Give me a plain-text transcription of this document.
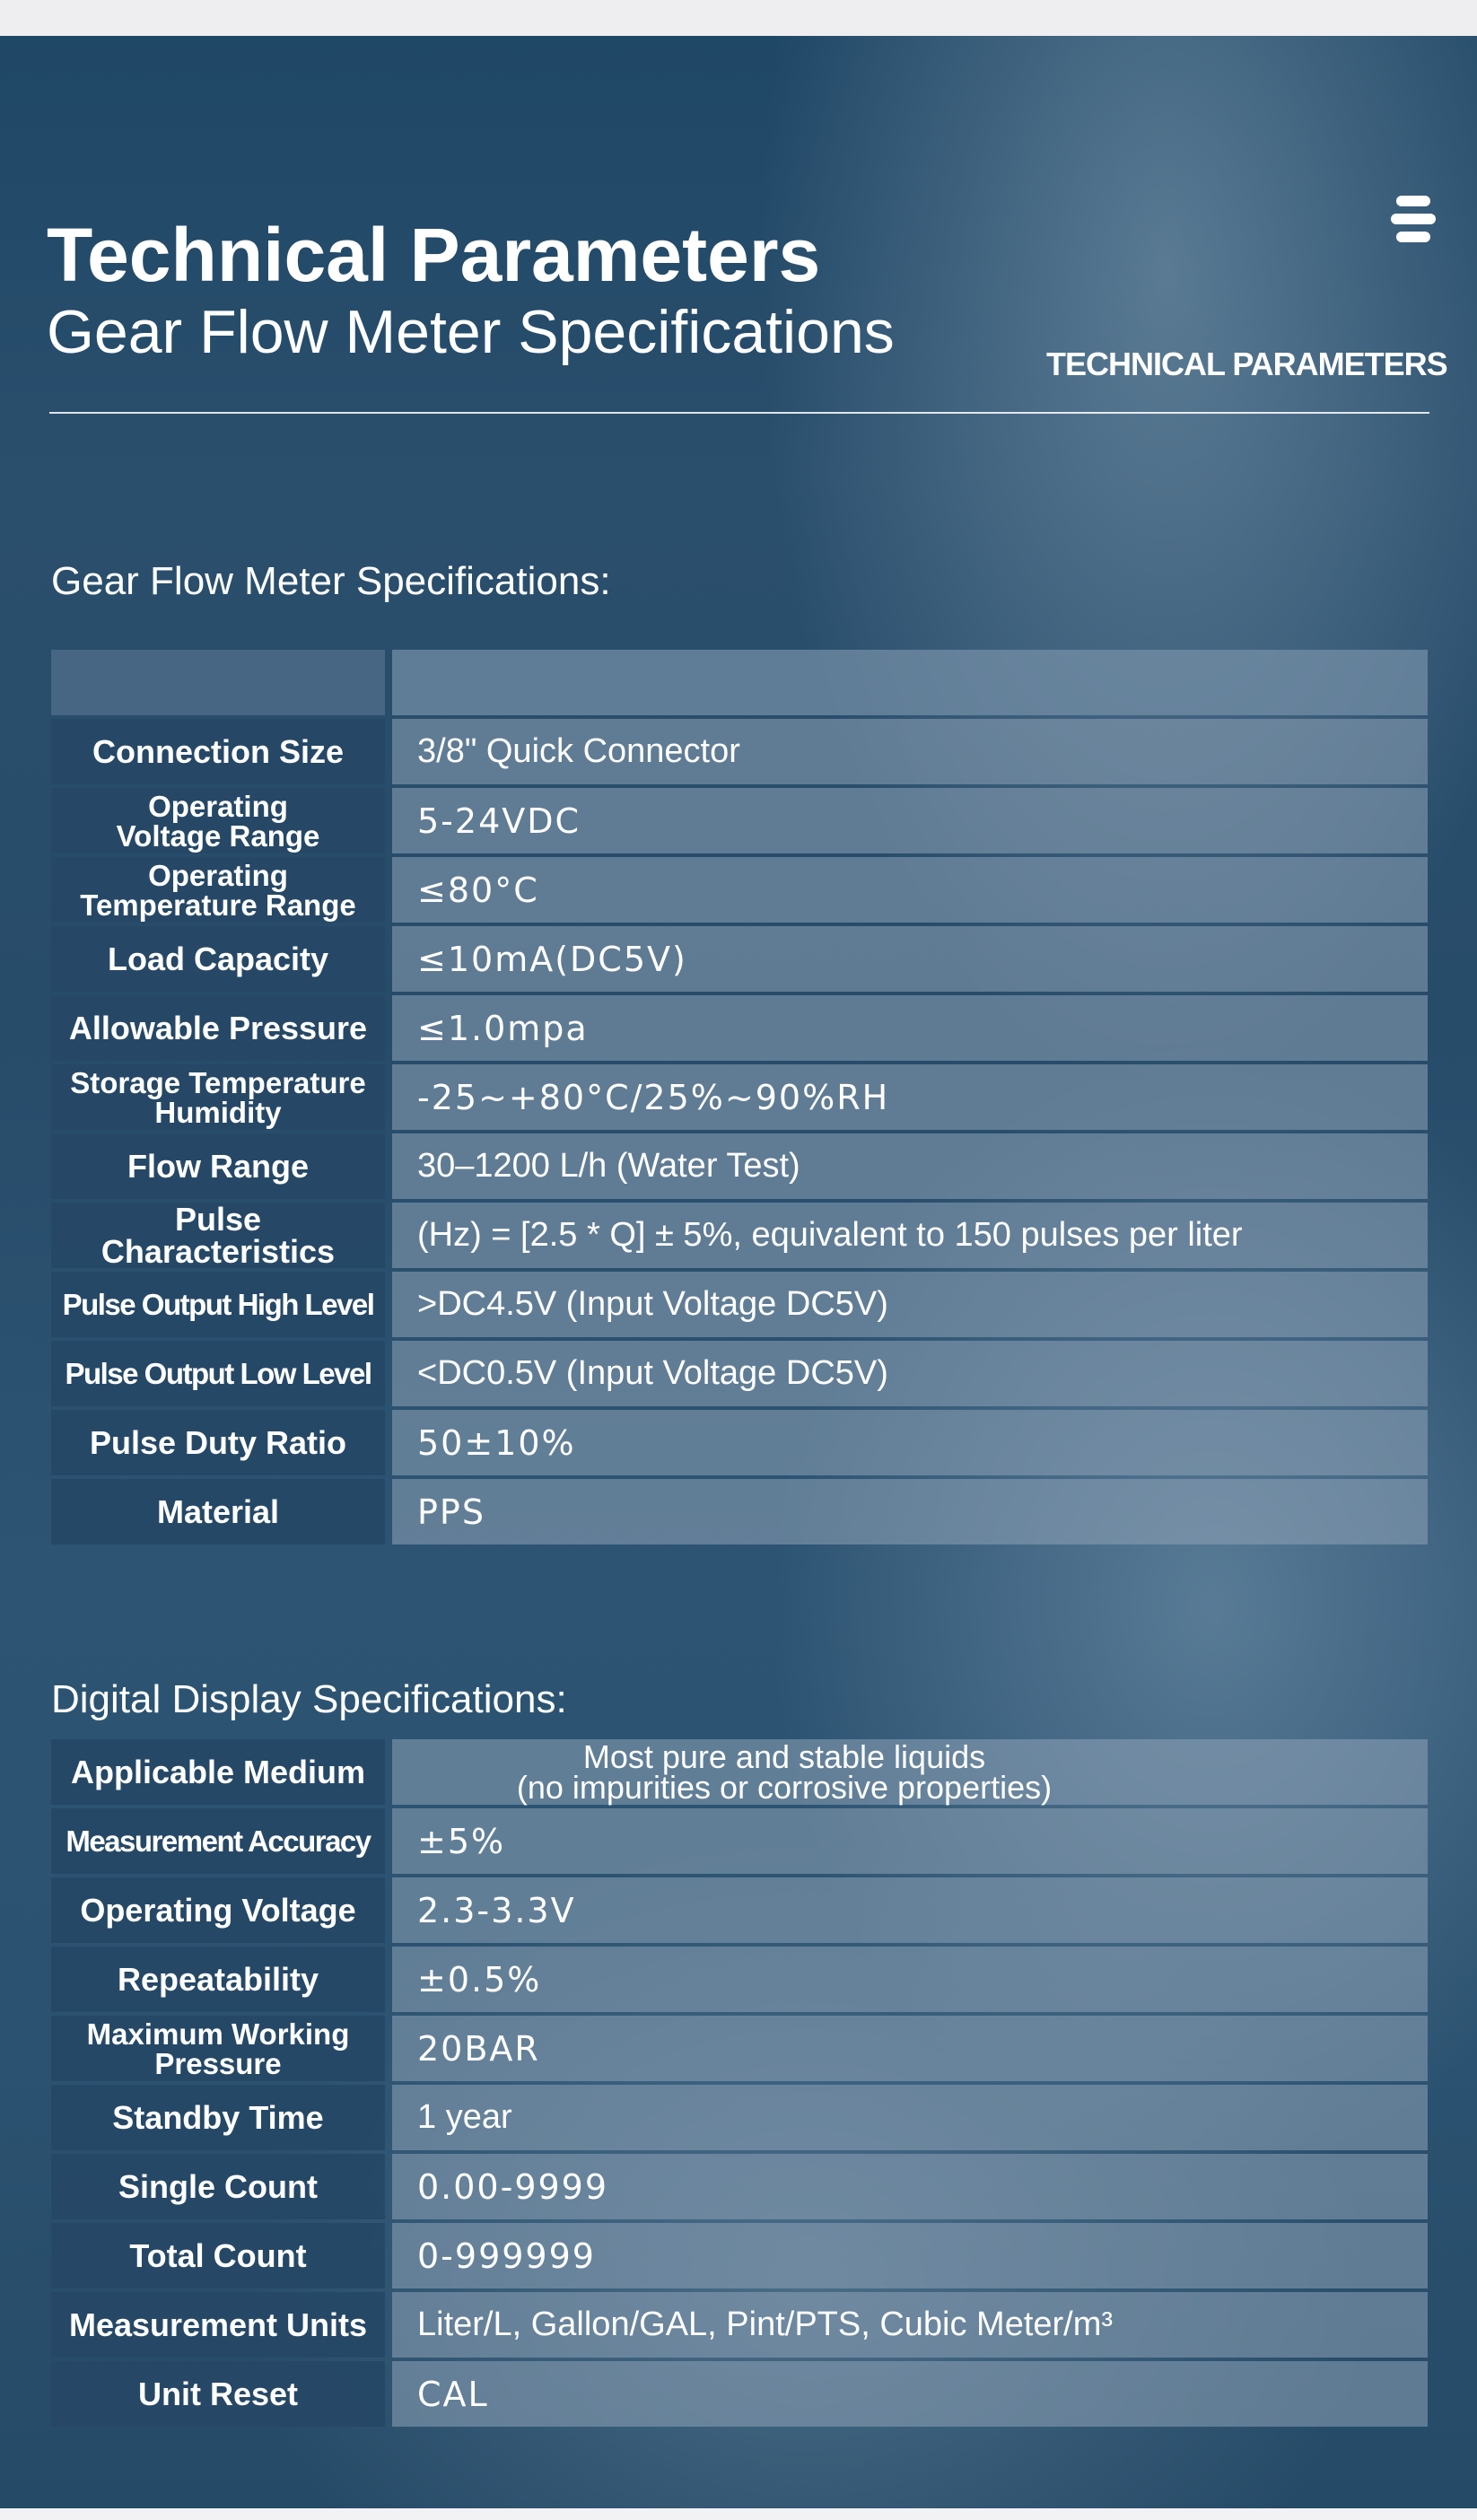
Technical Parameters
Gear Flow Meter Specifications	TECHNICAL PARAMETERS
Gear Flow Meter Specifications:
Connection Size	3/8" Quick Connector
Operating
Voltage Range	5-24VDC
Operating
Temperature Range	≤80°C
Load Capacity	≤10mA(DC5V)
Allowable Pressure	≤1.0mpa
Storage Temperature
Humidity	-25~+80°C/25%~90%RH
Flow Range	30–1200 L/h (Water Test)
Pulse Characteristics	(Hz) = [2.5 * Q] ± 5%, equivalent to 150 pulses per liter
Pulse Output High Level	>DC4.5V (Input Voltage DC5V)
Pulse Output Low Level	<DC0.5V (Input Voltage DC5V)
Pulse Duty Ratio	50±10%
Material	PPS
Digital Display Specifications:
Applicable Medium	Most pure and stable liquids
(no impurities or corrosive properties)
Measurement Accuracy	±5%
Operating Voltage	2.3-3.3V
Repeatability	±0.5%
Maximum Working
Pressure	20BAR
Standby Time	1 year
Single Count	0.00-9999
Total Count	0-999999
Measurement Units	Liter/L, Gallon/GAL, Pint/PTS, Cubic Meter/m³
Unit Reset	CAL
